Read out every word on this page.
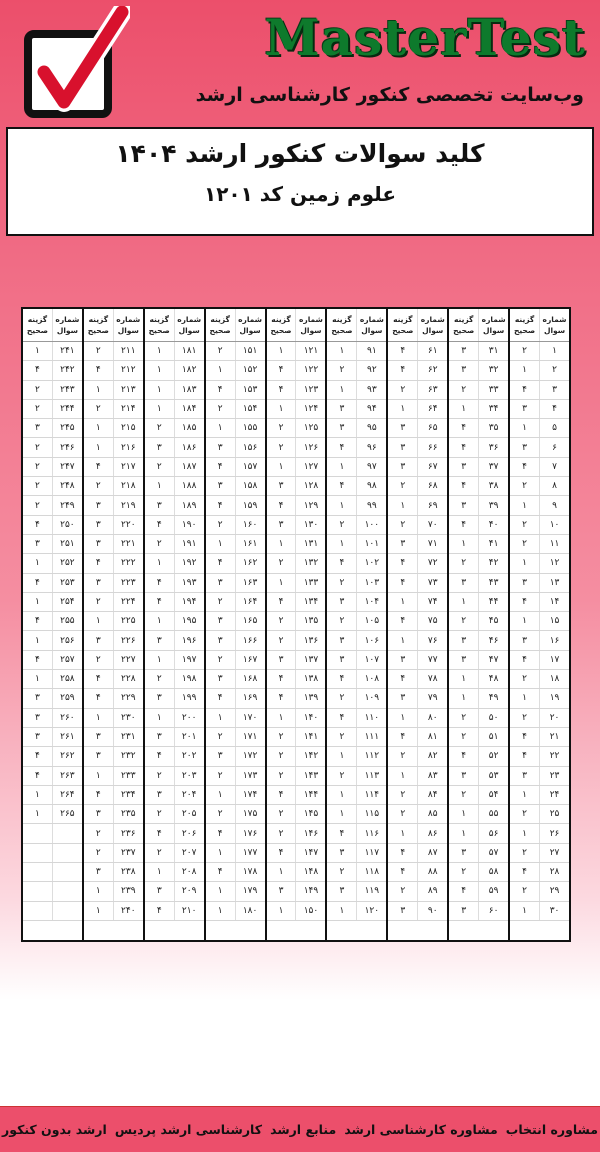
MasterTest
وب‌سایت تخصصی کنکور کارشناسی ارشد
کلید سوالات کنکور ارشد ۱۴۰۴
علوم زمین کد ۱۲۰۱
شماره سوال
گزینه صحیح
۱
۲
۲
۱
۳
۴
۴
۳
۵
۱
۶
۳
۷
۴
۸
۲
۹
۱
۱۰
۲
۱۱
۲
۱۲
۱
۱۳
۳
۱۴
۴
۱۵
۱
۱۶
۳
۱۷
۴
۱۸
۲
۱۹
۱
۲۰
۲
۲۱
۴
۲۲
۴
۲۳
۳
۲۴
۱
۲۵
۲
۲۶
۱
۲۷
۲
۲۸
۴
۲۹
۲
۳۰
۱
شماره سوال
گزینه صحیح
۳۱
۳
۳۲
۳
۳۳
۲
۳۴
۱
۳۵
۴
۳۶
۴
۳۷
۳
۳۸
۴
۳۹
۳
۴۰
۴
۴۱
۱
۴۲
۲
۴۳
۳
۴۴
۱
۴۵
۲
۴۶
۳
۴۷
۳
۴۸
۱
۴۹
۱
۵۰
۲
۵۱
۲
۵۲
۴
۵۳
۳
۵۴
۲
۵۵
۱
۵۶
۱
۵۷
۳
۵۸
۲
۵۹
۴
۶۰
۳
شماره سوال
گزینه صحیح
۶۱
۴
۶۲
۴
۶۳
۲
۶۴
۱
۶۵
۳
۶۶
۳
۶۷
۳
۶۸
۲
۶۹
۱
۷۰
۲
۷۱
۳
۷۲
۴
۷۳
۴
۷۴
۱
۷۵
۴
۷۶
۱
۷۷
۳
۷۸
۴
۷۹
۳
۸۰
۱
۸۱
۴
۸۲
۲
۸۳
۱
۸۴
۲
۸۵
۲
۸۶
۱
۸۷
۴
۸۸
۴
۸۹
۲
۹۰
۳
شماره سوال
گزینه صحیح
۹۱
۱
۹۲
۲
۹۳
۱
۹۴
۳
۹۵
۳
۹۶
۴
۹۷
۱
۹۸
۴
۹۹
۱
۱۰۰
۲
۱۰۱
۱
۱۰۲
۴
۱۰۳
۲
۱۰۴
۳
۱۰۵
۲
۱۰۶
۳
۱۰۷
۳
۱۰۸
۴
۱۰۹
۲
۱۱۰
۴
۱۱۱
۲
۱۱۲
۱
۱۱۳
۲
۱۱۴
۱
۱۱۵
۱
۱۱۶
۴
۱۱۷
۳
۱۱۸
۲
۱۱۹
۳
۱۲۰
۱
شماره سوال
گزینه صحیح
۱۲۱
۱
۱۲۲
۴
۱۲۳
۴
۱۲۴
۱
۱۲۵
۲
۱۲۶
۲
۱۲۷
۱
۱۲۸
۳
۱۲۹
۴
۱۳۰
۳
۱۳۱
۱
۱۳۲
۲
۱۳۳
۱
۱۳۴
۴
۱۳۵
۲
۱۳۶
۲
۱۳۷
۳
۱۳۸
۴
۱۳۹
۴
۱۴۰
۱
۱۴۱
۲
۱۴۲
۲
۱۴۳
۲
۱۴۴
۴
۱۴۵
۲
۱۴۶
۲
۱۴۷
۴
۱۴۸
۱
۱۴۹
۳
۱۵۰
۱
شماره سوال
گزینه صحیح
۱۵۱
۲
۱۵۲
۱
۱۵۳
۴
۱۵۴
۲
۱۵۵
۱
۱۵۶
۳
۱۵۷
۴
۱۵۸
۳
۱۵۹
۴
۱۶۰
۲
۱۶۱
۱
۱۶۲
۴
۱۶۳
۳
۱۶۴
۲
۱۶۵
۳
۱۶۶
۳
۱۶۷
۲
۱۶۸
۳
۱۶۹
۴
۱۷۰
۱
۱۷۱
۲
۱۷۲
۳
۱۷۳
۲
۱۷۴
۱
۱۷۵
۲
۱۷۶
۴
۱۷۷
۱
۱۷۸
۴
۱۷۹
۱
۱۸۰
۱
شماره سوال
گزینه صحیح
۱۸۱
۱
۱۸۲
۱
۱۸۳
۱
۱۸۴
۱
۱۸۵
۲
۱۸۶
۳
۱۸۷
۲
۱۸۸
۱
۱۸۹
۳
۱۹۰
۴
۱۹۱
۲
۱۹۲
۱
۱۹۳
۴
۱۹۴
۴
۱۹۵
۱
۱۹۶
۳
۱۹۷
۱
۱۹۸
۲
۱۹۹
۳
۲۰۰
۱
۲۰۱
۳
۲۰۲
۴
۲۰۳
۲
۲۰۴
۳
۲۰۵
۲
۲۰۶
۴
۲۰۷
۲
۲۰۸
۱
۲۰۹
۳
۲۱۰
۴
شماره سوال
گزینه صحیح
۲۱۱
۲
۲۱۲
۴
۲۱۳
۱
۲۱۴
۲
۲۱۵
۱
۲۱۶
۱
۲۱۷
۴
۲۱۸
۲
۲۱۹
۳
۲۲۰
۳
۲۲۱
۳
۲۲۲
۴
۲۲۳
۳
۲۲۴
۲
۲۲۵
۱
۲۲۶
۳
۲۲۷
۲
۲۲۸
۴
۲۲۹
۴
۲۳۰
۱
۲۳۱
۳
۲۳۲
۳
۲۳۳
۱
۲۳۴
۴
۲۳۵
۳
۲۳۶
۲
۲۳۷
۲
۲۳۸
۳
۲۳۹
۱
۲۴۰
۱
شماره سوال
گزینه صحیح
۲۴۱
۱
۲۴۲
۴
۲۴۳
۲
۲۴۴
۲
۲۴۵
۳
۲۴۶
۲
۲۴۷
۲
۲۴۸
۲
۲۴۹
۲
۲۵۰
۴
۲۵۱
۳
۲۵۲
۱
۲۵۳
۴
۲۵۴
۱
۲۵۵
۴
۲۵۶
۱
۲۵۷
۴
۲۵۸
۱
۲۵۹
۳
۲۶۰
۳
۲۶۱
۳
۲۶۲
۴
۲۶۳
۴
۲۶۴
۱
۲۶۵
۱
ارشد بدون کنکور کارشناسی ارشد پردیس منابع ارشد مشاوره کارشناسی ارشد مشاوره انتخاب
